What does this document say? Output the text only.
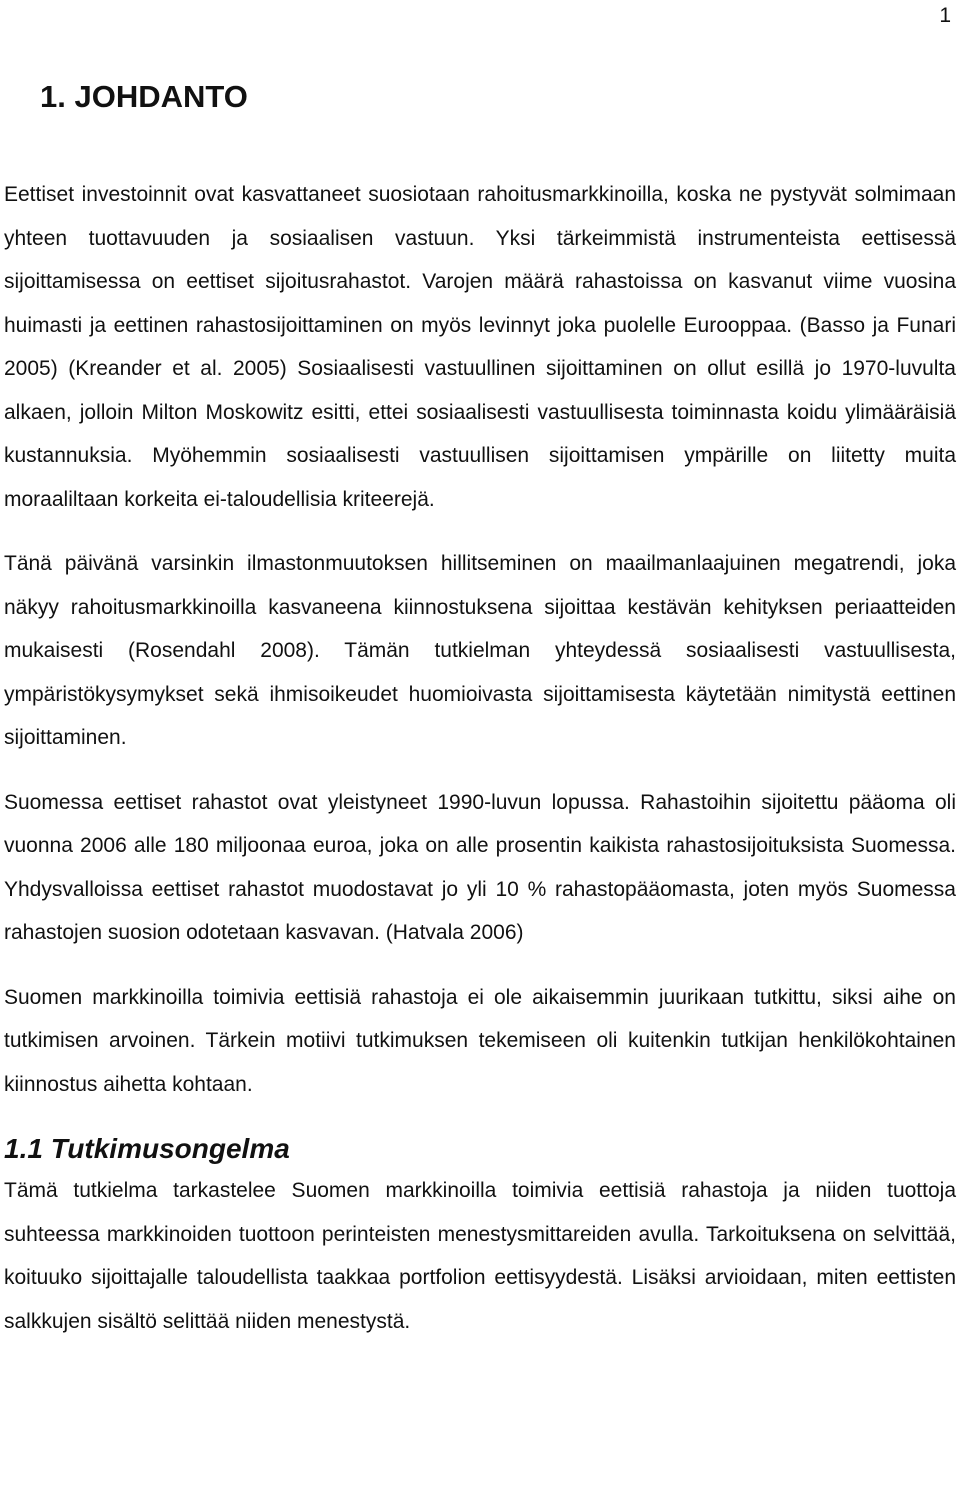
1
1. JOHDANTO

Eettiset investoinnit ovat kasvattaneet suosiotaan rahoitusmarkkinoilla, koska ne pystyvät solmimaan yhteen tuottavuuden ja sosiaalisen vastuun. Yksi tärkeimmistä instrumenteista eettisessä sijoittamisessa on eettiset sijoitusrahastot. Varojen määrä rahastoissa on kasvanut viime vuosina huimasti ja eettinen rahastosijoittaminen on myös levinnyt joka puolelle Eurooppaa. (Basso ja Funari 2005) (Kreander et al. 2005) Sosiaalisesti vastuullinen sijoittaminen on ollut esillä jo 1970-luvulta alkaen, jolloin Milton Moskowitz esitti, ettei sosiaalisesti vastuullisesta toiminnasta koidu ylimääräisiä kustannuksia. Myöhemmin sosiaalisesti vastuullisen sijoittamisen ympärille on liitetty muita moraaliltaan korkeita ei-taloudellisia kriteerejä.

Tänä päivänä varsinkin ilmastonmuutoksen hillitseminen on maailmanlaajuinen megatrendi, joka näkyy rahoitusmarkkinoilla kasvaneena kiinnostuksena sijoittaa kestävän kehityksen periaatteiden mukaisesti (Rosendahl 2008). Tämän tutkielman yhteydessä sosiaalisesti vastuullisesta, ympäristökysymykset sekä ihmisoikeudet huomioivasta sijoittamisesta käytetään nimitystä eettinen sijoittaminen.

Suomessa eettiset rahastot ovat yleistyneet 1990-luvun lopussa. Rahastoihin sijoitettu pääoma oli vuonna 2006 alle 180 miljoonaa euroa, joka on alle prosentin kaikista rahastosijoituksista Suomessa. Yhdysvalloissa eettiset rahastot muodostavat jo yli 10 % rahastopääomasta, joten myös Suomessa rahastojen suosion odotetaan kasvavan. (Hatvala 2006)

Suomen markkinoilla toimivia eettisiä rahastoja ei ole aikaisemmin juurikaan tutkittu, siksi aihe on tutkimisen arvoinen. Tärkein motiivi tutkimuksen tekemiseen oli kuitenkin tutkijan henkilökohtainen kiinnostus aihetta kohtaan.

1.1 Tutkimusongelma

Tämä tutkielma tarkastelee Suomen markkinoilla toimivia eettisiä rahastoja ja niiden tuottoja suhteessa markkinoiden tuottoon perinteisten menestysmittareiden avulla. Tarkoituksena on selvittää, koituuko sijoittajalle taloudellista taakkaa portfolion eettisyydestä. Lisäksi arvioidaan, miten eettisten salkkujen sisältö selittää niiden menestystä.
